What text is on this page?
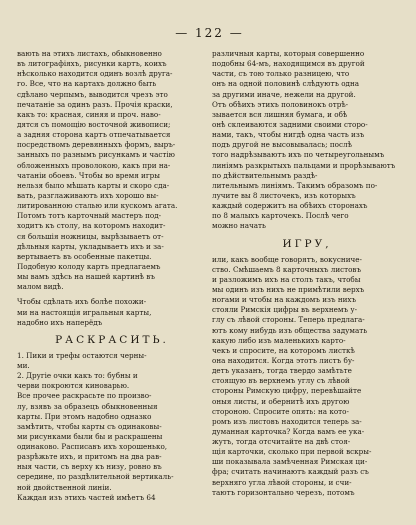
— 122 —
вають на этихъ листахъ, обыкновенно
въ литографіяхъ, рисунки картъ, коихъ
нѣсколько находится одинъ возлѣ друга-
го. Все, что на картахъ должно быть
сдѣлано черпымъ, выводится чрезъ это
печатаніе за одинъ разъ. Прочія краски,
какъ то: красная, синяя и проч. наво-
дятся съ помощію восточной живописи;
а задняя сторона картъ отпечатывается
посредствомъ деревянныхъ формъ, выръ-
занныхъ по разнымъ рисункамъ и частію
обложенныхъ проволокою, какъ при на-
чатаніи обоевъ. Чтобы во время игры
нельзя было мѣшать карты и скоро сда-
вать, разглаживаютъ ихъ хорошо вы-
литированною сталью или кускомъ агата.
Потомъ тотъ карточный мастеръ под-
ходитъ къ столу, на которомъ находит-
ся большія ножницы, вырѣзываетъ от-
дѣльныя карты, укладываетъ ихъ и за-
вертываетъ въ особенные пакетцы.
Подобную колоду картъ предлагаемъ
мы вамъ здѣсь на нашей картинѣ въ
малом видѣ.
Чтобы сдѣлать ихъ болѣе похожи-
ми на настоящія игральныя карты,
надобно ихъ наперёдъ
РАСКРАСИТЬ.
1. Пики и трефы остаются черны-
ми.
2. Другіе очки какъ то: бубны и
черви покроются киноварью.
Все прочее раскрасьте по произво-
лу, взявъ за образецъ обыкновенныя
карты. При этомъ надобно одназко
замѣтить, чтобы карты съ одинаковы-
ми рисунками были бы и раскрашены
одинаково. Расписавъ ихъ хорошенько,
разрѣжьте ихъ, и притомъ на два рав-
ныя части, съ верху къ низу, ровно въ
середине, по раздѣлительной вертикаль-
ной двойственной линіи.
Каждая изъ этихъ частей имѣетъ 64
различныя карты, которыя совершенно
подобны 64-мъ, находящимся въ другой
части, съ тою только разницею, что
онъ на одной половинѣ слѣдуютъ одна
за другими иначе, нежели на другой.
Отъ обѣихъ этихъ половинокъ отрѣ-
зывается вся лишняя бумага, и обѣ
онѣ склеиваются задними своими сторо-
нами, такъ, чтобы нигдѣ одна часть изъ
подъ другой не высовывалась; послѣ
того надрѣзываютъ ихъ по четыреугольнымъ
линіямъ разкрытыхъ пальцами и прорѣзываютъ
по дѣйствительнымъ раздѣ-
лительнымъ линіямъ. Такимъ образомъ по-
лучите вы 8 листочекъ, изъ которыхъ
каждый содержитъ на обѣихъ сторонахъ
по 8 малыхъ карточекъ. Послѣ чего
можно начать
ИГРУ,
или, какъ вообще говорятъ, вокусниче-
ство. Смѣшаемъ 8 карточныхъ листовъ
и разложимъ ихъ на столъ такъ, чтобы
мы одинъ изъ нихъ не примѣтили верхъ
ногами и чтобы на каждомъ изъ нихъ
стояли Римскія цифры въ верхнемъ у-
глу съ лѣвой стороны. Теперь предлага-
ютъ кому нибудь изъ общества задумать
какую либо изъ маленькихъ карто-
чекъ и спросите, на которомъ листкѣ
она находится. Когда этотъ листъ бу-
детъ указанъ, тогда твердо замѣтьте
стоящую въ верхнемъ углу съ лѣвой
стороны Римскую цифру, перевѣшайте
оныя листы, и обернитѣ ихъ другою
стороною. Спросите опять: на кото-
ромъ изъ листовъ находится теперь за-
думанная карточка? Когда вамъ ее ука-
жутъ, тогда отсчитайте на двѣ стоя-
щія карточки, сколько при первой вскры-
ши показывала замѣченная Римская ци-
фра; считать начинаютъ каждый разъ съ
верхняго угла лѣвой стороны, и счи-
таютъ горизонтально черезъ, потомъ
